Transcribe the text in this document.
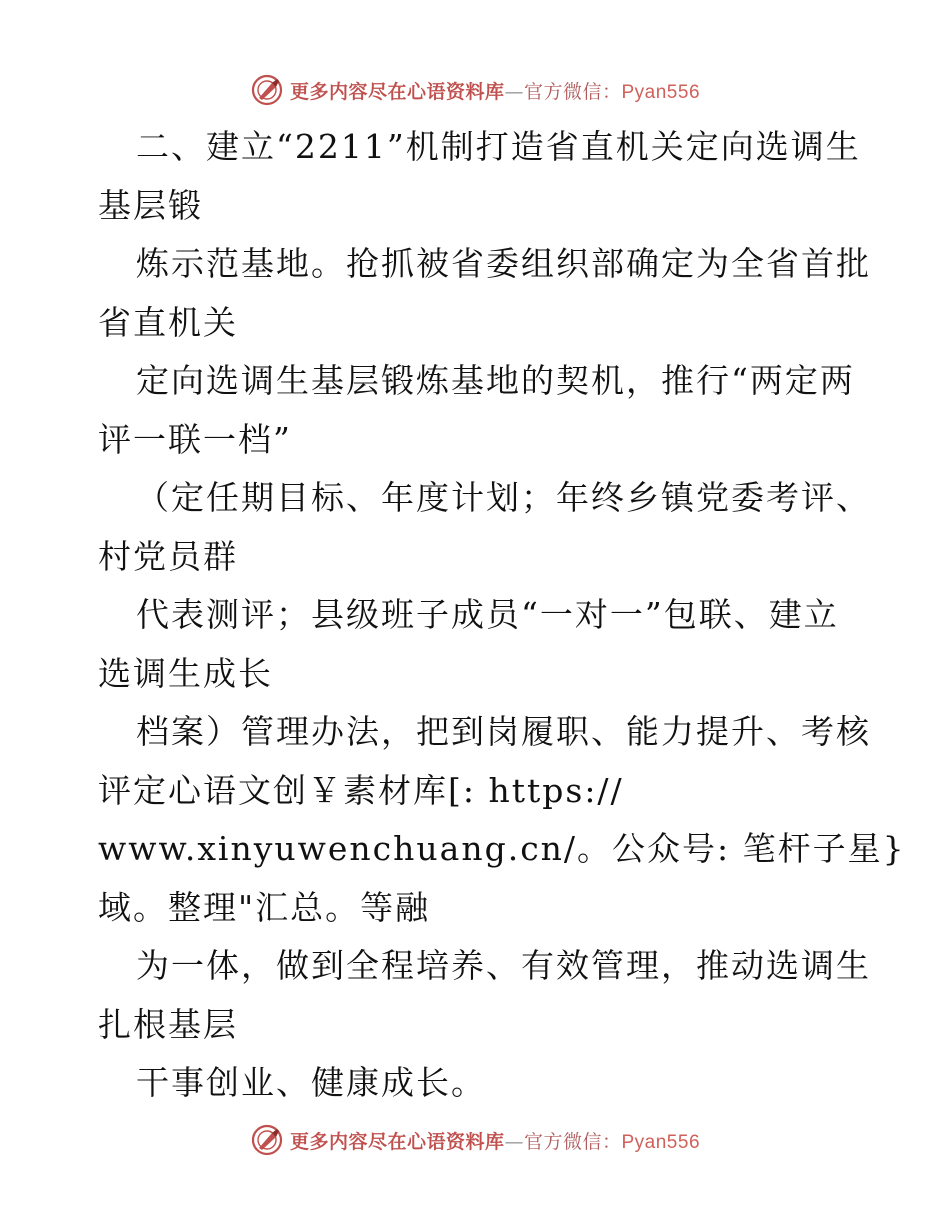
更多内容尽在心语资料库—官方微信：Pyan556

二、建立“2211”机制打造省直机关定向选调生

基层锻

炼示范基地。抢抓被省委组织部确定为全省首批

省直机关

定向选调生基层锻炼基地的契机，推行“两定两

评一联一档”

（定任期目标、年度计划；年终乡镇党委考评、

村党员群

代表测评；县级班子成员“一对一”包联、建立

选调生成长

档案）管理办法，把到岗履职、能力提升、考核

评定心语文创￥素材库[: https://

www.xinyuwenchuang.cn/。公众号: 笔杆子星}

域。整理"汇总。等融

为一体，做到全程培养、有效管理，推动选调生

扎根基层

干事创业、健康成长。

更多内容尽在心语资料库—官方微信：Pyan556
